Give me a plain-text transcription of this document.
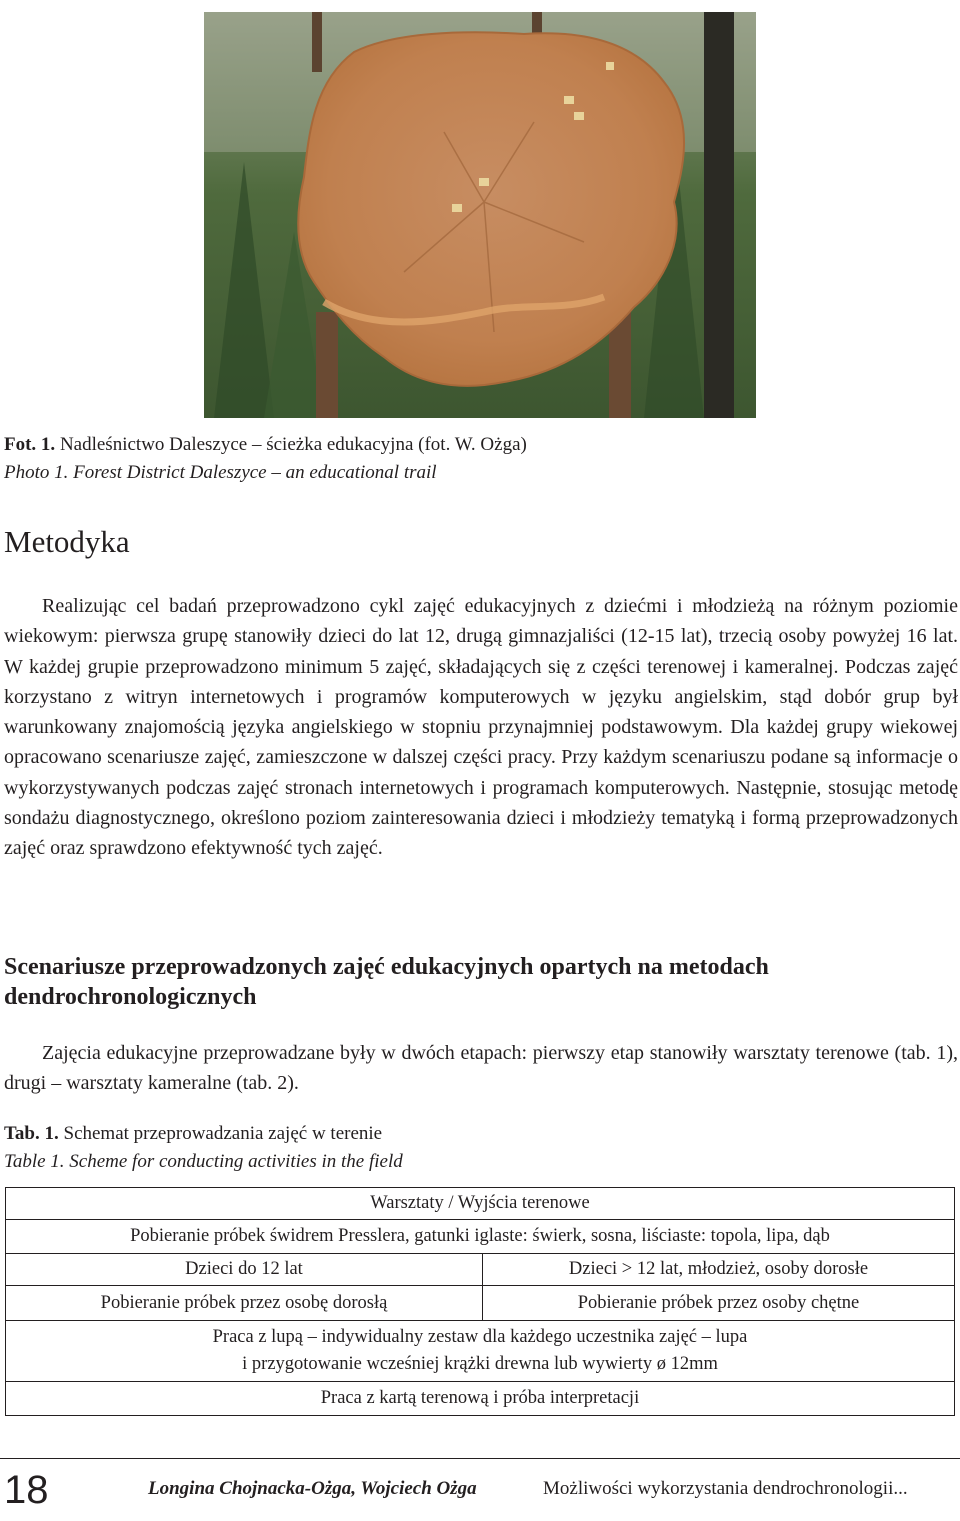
Fot. 1. Nadleśnictwo Daleszyce – ścieżka edukacyjna (fot. W. Ożga)
Photo 1. Forest District Daleszyce – an educational trail
Metodyka

Realizując cel badań przeprowadzono cykl zajęć edukacyjnych z dziećmi i młodzieżą na różnym poziomie wiekowym: pierwsza grupę stanowiły dzieci do lat 12, drugą gimnazjaliści (12-15 lat), trzecią osoby powyżej 16 lat. W każdej grupie przeprowadzono minimum 5 zajęć, składających się z części terenowej i kameralnej. Podczas zajęć korzystano z witryn internetowych i programów komputerowych w języku angielskim, stąd dobór grup był warunkowany znajomością języka angielskiego w stopniu przynajmniej podstawowym. Dla każdej grupy wiekowej opracowano scenariusze zajęć, zamieszczone w dalszej części pracy. Przy każdym scenariuszu podane są informacje o wykorzystywanych podczas zajęć stronach internetowych i programach komputerowych. Następnie, stosując metodę sondażu diagnostycznego, określono poziom zainteresowania dzieci i młodzieży tematyką i formą przeprowadzonych zajęć oraz sprawdzono efektywność tych zajęć.

Scenariusze przeprowadzonych zajęć edukacyjnych opartych na metodach dendrochronologicznych

Zajęcia edukacyjne przeprowadzane były w dwóch etapach: pierwszy etap stanowiły warsztaty terenowe (tab. 1), drugi – warsztaty kameralne (tab. 2).

Tab. 1. Schemat przeprowadzania zajęć w terenie
Table 1. Scheme for conducting activities in the field
Warsztaty / Wyjścia terenowe	
Pobieranie próbek świdrem Presslera, gatunki iglaste: świerk, sosna, liściaste: topola, lipa, dąb	
Dzieci do 12 lat	Dzieci > 12 lat, młodzież, osoby dorosłe
Pobieranie próbek przez osobę dorosłą	Pobieranie próbek przez osoby chętne

Praca z lupą – indywidualny zestaw dla każdego uczestnika zajęć – lupa
i przygotowanie wcześniej krążki drewna lub wywierty ø 12mm	

Praca z kartą terenową i próba interpretacji	
18	Longina Chojnacka-Ożga, Wojciech Ożga	Możliwości wykorzystania dendrochronologii...
